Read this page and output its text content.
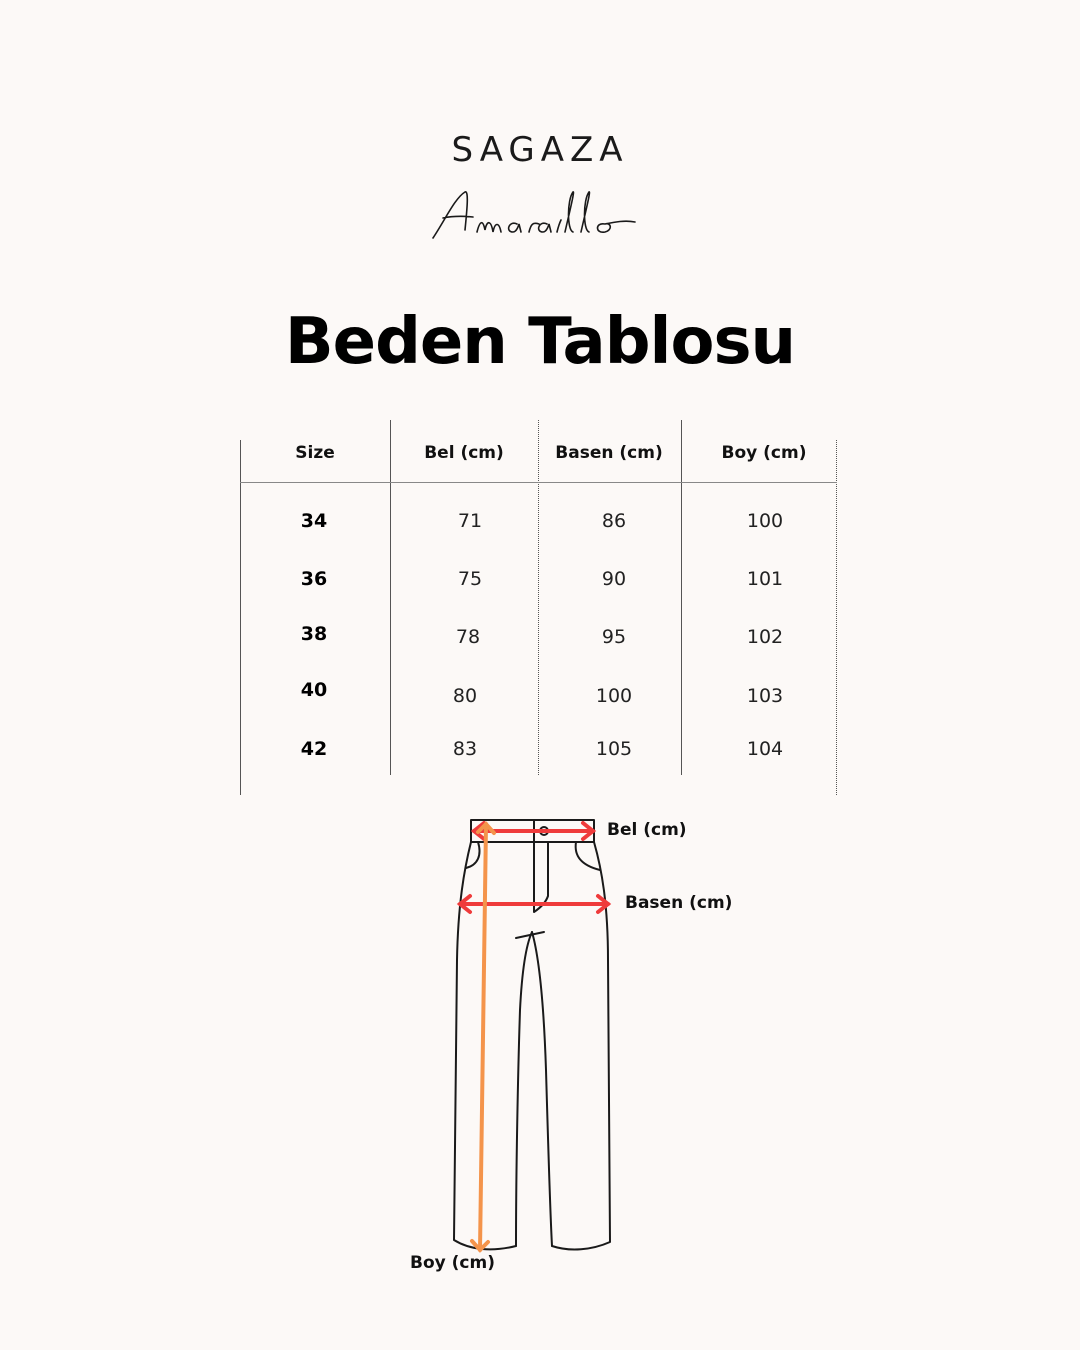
SAGAZA
Beden Tablosu
Size	Bel (cm)	Basen (cm)	Boy (cm)
34	71	86	100
36	75	90	101
38	78	95	102
40	80	100	103
42	83	105	104
Bel (cm)
Basen (cm)
Boy (cm)
